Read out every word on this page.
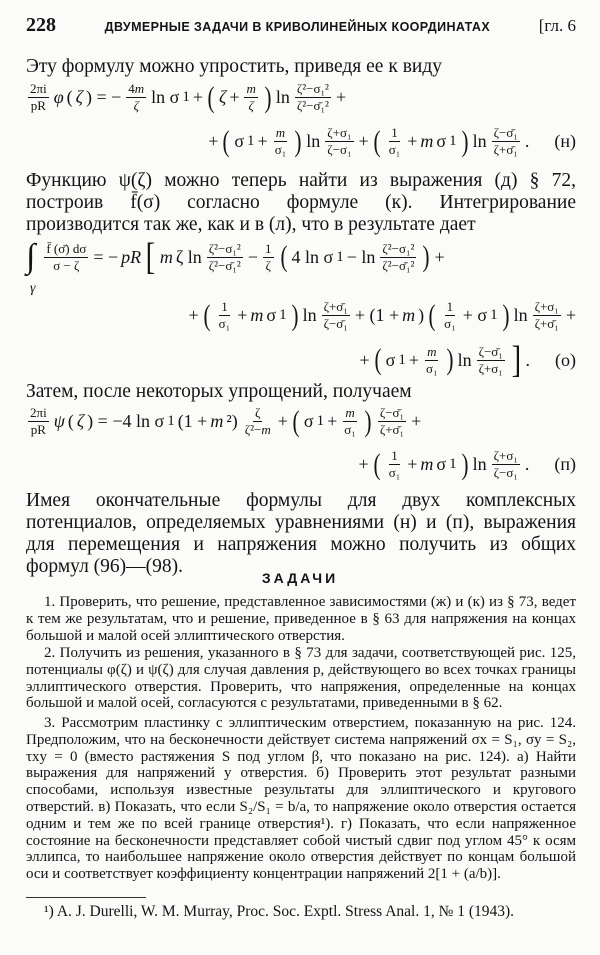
228	ДВУМЕРНЫЕ ЗАДАЧИ В КРИВОЛИНЕЙНЫХ КООРДИНАТАХ	[гл. 6
Эту формулу можно упростить, приведя ее к виду
$\frac{2\pi i}{pR}$ φ ( ζ ) = − $\frac{4m}{\zeta}$ ln σ 1 + ( $\zeta + \frac{m}{\zeta}$ ) $\ln \frac{\text{ζ²−σ₁²}}{\text{ζ²−σ̄₁²}}$ +
+ ( σ $1 + \frac{m}{\text{σ₁}}$ ) $\ln \frac{\text{ζ+σ₁}}{\text{ζ−σ₁}}$ + ( $\frac{1}{\text{σ₁}} + m$ σ 1 ) $\ln \frac{\text{ζ−σ̄₁}}{\text{ζ+σ̄₁}}$ . (н)
Функцию ψ(ζ) можно теперь найти из выражения (д) § 72, построив f̄(σ) согласно формуле (к). Интегрирование производится так же, как и в (л), что в результате дает
∫ $\frac{f̄ (\sigmā) d\sigma}{\sigma - \zeta}$ = − pR [ m ζ $\ln \frac{\text{ζ²−σ₁²}}{\text{ζ²−σ̄₁²}} - \frac{1}{\zeta}$ ( 4 ln σ $1 - \ln \frac{\text{ζ²−σ₁²}}{\text{ζ²−σ̄₁²}}$ ) +
γ
+ ( $\frac{1}{\text{σ₁}} + m$ σ 1 ) $\ln \frac{\text{ζ+σ̄₁}}{\text{ζ−σ̄₁}} + (1 + m$ ) ( $\frac{1}{\text{σ₁}} + \sigma$ 1 ) $\ln \frac{\text{ζ+σ₁}}{\text{ζ+σ̄₁}}$ +
+ ( σ $1 + \frac{m}{\text{σ₁}}$ ) $\ln \frac{\text{ζ−σ̄₁}}{\text{ζ+σ₁}}$ ] . (о)
Затем, после некоторых упрощений, получаем
$\frac{2\pi i}{pR}$ ψ ( ζ ) = −4 ln σ 1 (1 + m $^2) \frac{\zeta}{\text{ζ²−m}}$ + ( σ $1 + \frac{m}{\text{σ₁}}$ ) $\frac{\text{ζ−σ̄₁}}{\text{ζ+σ̄₁}}$ +
+ ( $\frac{1}{\text{σ₁}} + m$ σ 1 ) $\ln \frac{\text{ζ+σ₁}}{\text{ζ−σ₁}}$ . (п)
Имея окончательные формулы для двух комплексных потенциалов, определяемых уравнениями (н) и (п), выражения для перемещения и напряжения можно получить из общих формул (96)—(98).
ЗАДАЧИ
1. Проверить, что решение, представленное зависимостями (ж) и (к) из § 73, ведет к тем же результатам, что и решение, приведенное в § 63 для напряжения на концах большой и малой осей эллиптического отверстия.
2. Получить из решения, указанного в § 73 для задачи, соответствующей рис. 125, потенциалы φ(ζ) и ψ(ζ) для случая давления p, действующего во всех точках границы эллиптического отверстия. Проверить, что напряжения, определенные на концах большой и малой осей, согласуются с результатами, приведенными в § 62.
3. Рассмотрим пластинку с эллиптическим отверстием, показанную на рис. 124. Предположим, что на бесконечности действует система напряжений σx = S₁, σy = S₂, τxy = 0 (вместо растяжения S под углом β, что показано на рис. 124). а) Найти выражения для напряжений у отверстия. б) Проверить этот результат разными способами, используя известные результаты для эллиптического и кругового отверстий. в) Показать, что если S₂/S₁ = b/a, то напряжение около отверстия остается одним и тем же по всей границе отверстия¹). г) Показать, что если напряженное состояние на бесконечности представляет собой чистый сдвиг под углом 45° к осям эллипса, то наибольшее напряжение около отверстия действует по концам большой оси и соответствует коэффициенту концентрации напряжений 2[1 + (a/b)].
¹) A. J. Durelli, W. M. Murray, Proc. Soc. Exptl. Stress Anal. 1, № 1 (1943).
